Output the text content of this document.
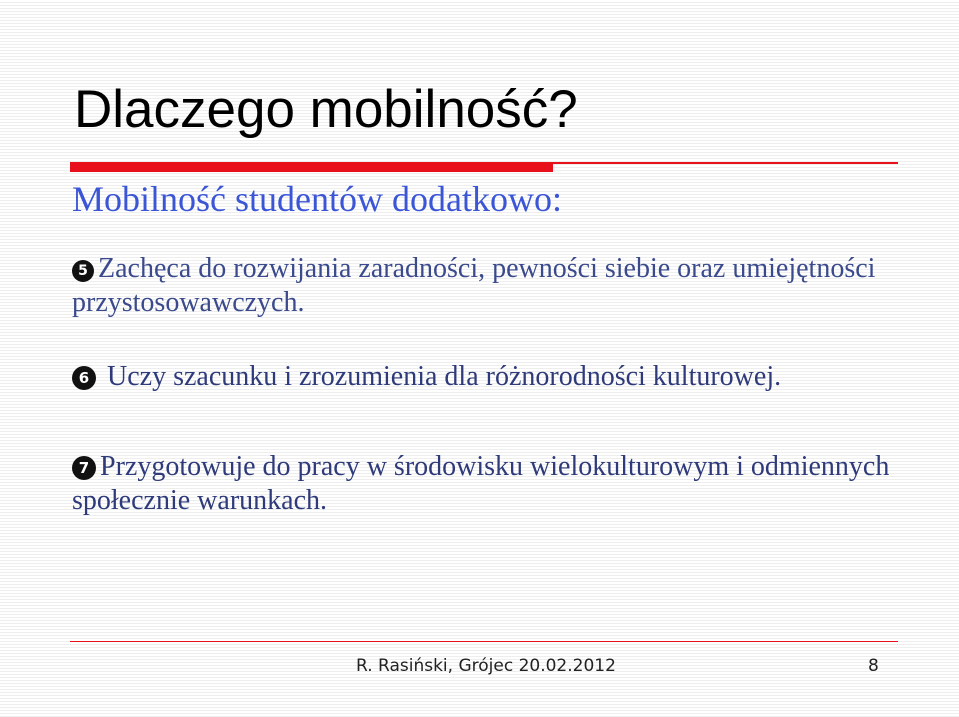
Dlaczego mobilność?

Mobilność studentów dodatkowo:

5 Zachęca do rozwijania zaradności, pewności siebie oraz umiejętności przystosowawczych.

6 Uczy szacunku i zrozumienia dla różnorodności kulturowej.

7 Przygotowuje do pracy w środowisku wielokulturowym i odmiennych społecznie warunkach.

R. Rasiński, Grójec 20.02.2012	8
